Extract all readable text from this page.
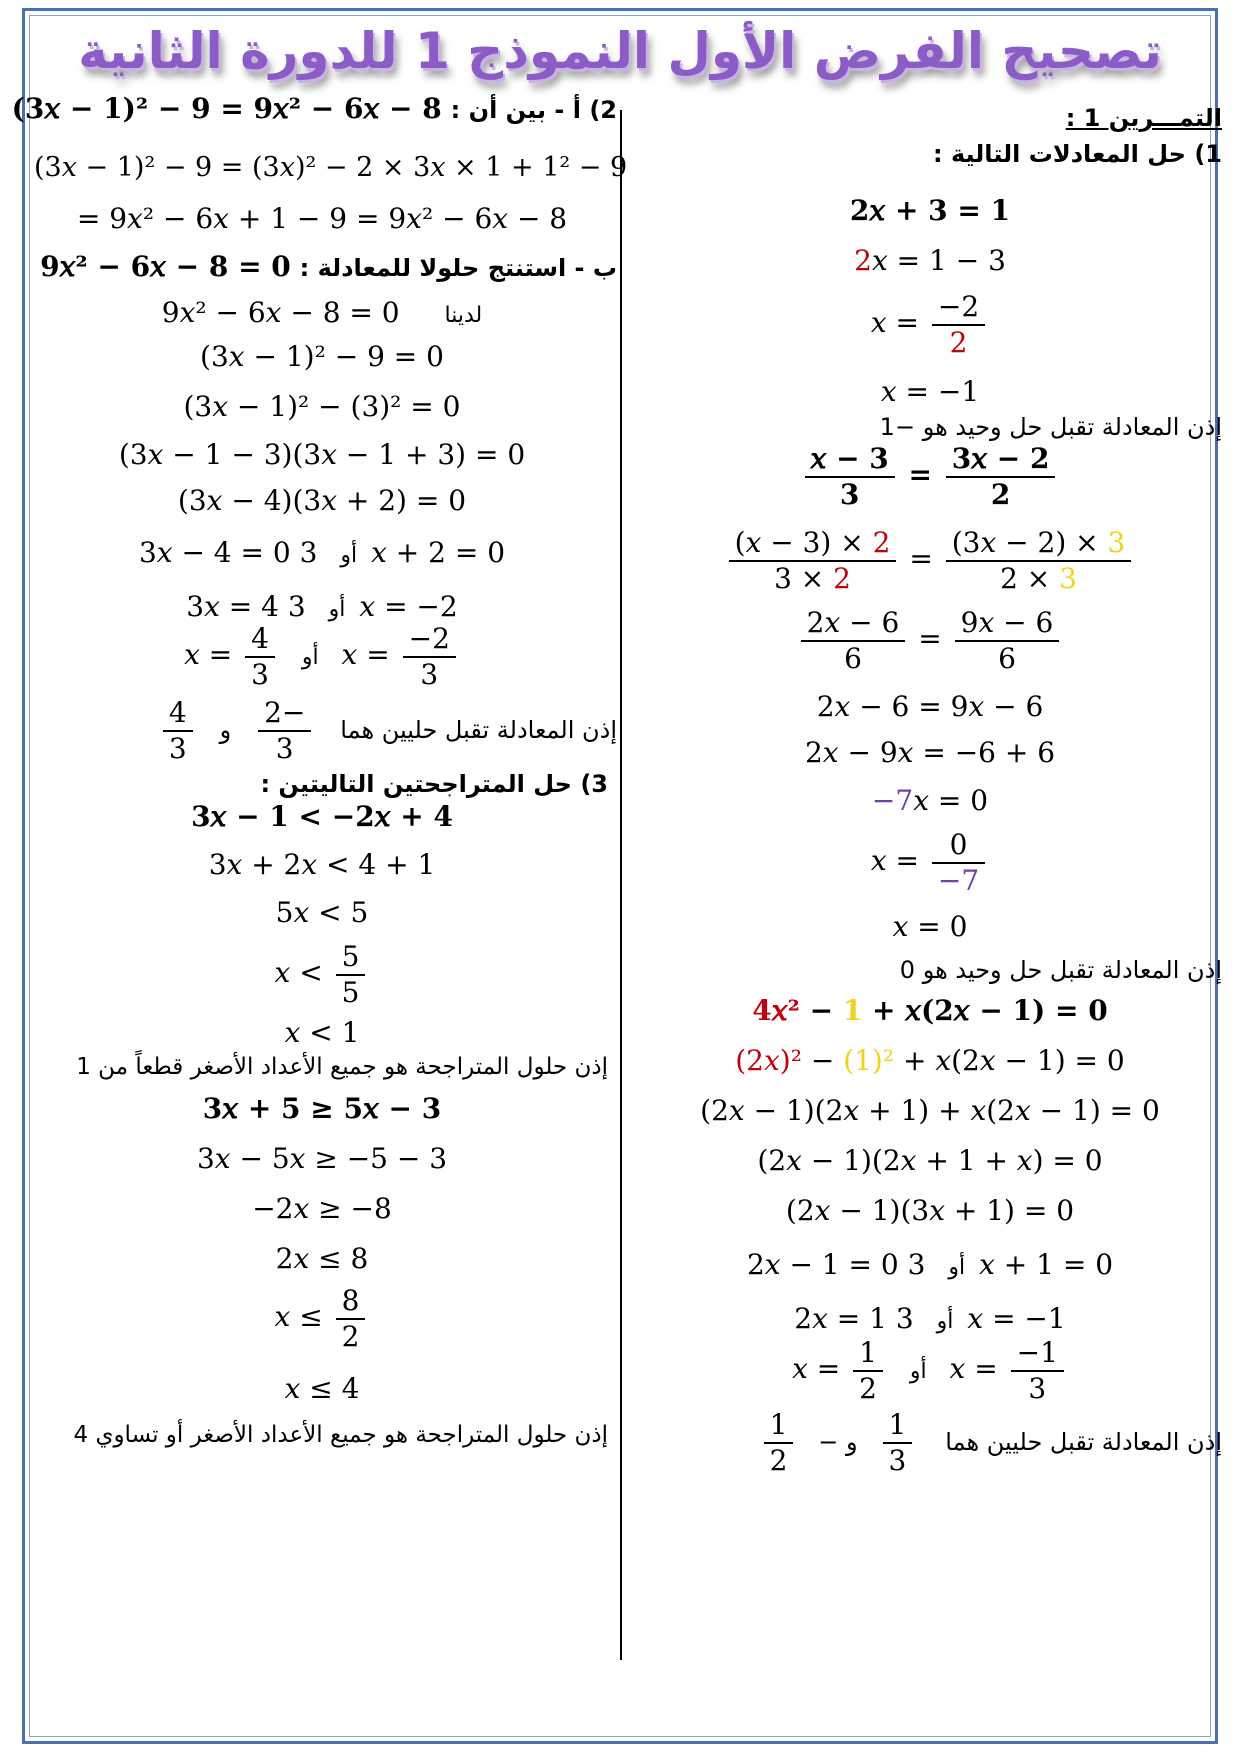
تصحيح الفرض الأول النموذج 1 للدورة الثانية
التمـــرين 1 :
1) حل المعادلات التالية :
2𝑥 + 3 = 1
2𝑥 = 1 − 3
𝑥 = $\frac{-2}{2}$
𝑥 = −1
إذن المعادلة تقبل حل وحيد هو −1
$\frac{\text{𝑥 − 3}}{3} = \frac{\text{3𝑥 − 2}}{2}$
$\frac{\text{(𝑥 − 3) × 2}}{3 \times 2} = \frac{\text{(3𝑥 − 2) × 3}}{2 \times 3}$
$\frac{\text{2𝑥 − 6}}{6} = \frac{\text{9𝑥 − 6}}{6}$
2𝑥 − 6 = 9𝑥 − 6
2𝑥 − 9𝑥 = −6 + 6
−7𝑥 = 0
𝑥 = $\frac{0}{-7}$
𝑥 = 0
إذن المعادلة تقبل حل وحيد هو 0
4𝑥² − 1 + 𝑥(2𝑥 − 1) = 0
(2𝑥)² − (1)² + 𝑥(2𝑥 − 1) = 0
(2𝑥 − 1)(2𝑥 + 1) + 𝑥(2𝑥 − 1) = 0
(2𝑥 − 1)(2𝑥 + 1 + 𝑥) = 0
(2𝑥 − 1)(3𝑥 + 1) = 0
2𝑥 − 1 = 0 أو 3𝑥 + 1 = 0
2𝑥 = 1 أو 3𝑥 = −1
𝑥 = $\frac{1}{2}$ أو 𝑥 = $\frac{-1}{3}$
إذن المعادلة تقبل حليين هما
$\frac{1}{3}$
و −
$\frac{1}{2}$
2) أ - بين أن : (3𝑥 − 1)² − 9 = 9𝑥² − 6𝑥 − 8
(3𝑥 − 1)² − 9 = (3𝑥)² − 2 × 3𝑥 × 1 + 1² − 9
= 9𝑥² − 6𝑥 + 1 − 9 = 9𝑥² − 6𝑥 − 8
ب - استنتج حلولا للمعادلة : 9𝑥² − 6𝑥 − 8 = 0
9𝑥² − 6𝑥 − 8 = 0 لدينا
(3𝑥 − 1)² − 9 = 0
(3𝑥 − 1)² − (3)² = 0
(3𝑥 − 1 − 3)(3𝑥 − 1 + 3) = 0
(3𝑥 − 4)(3𝑥 + 2) = 0
3𝑥 − 4 = 0 أو 3𝑥 + 2 = 0
3𝑥 = 4 أو 3𝑥 = −2
𝑥 = $\frac{4}{3}$ أو 𝑥 = $\frac{-2}{3}$
إذن المعادلة تقبل حليين هما
$\frac{-2}{3}$
و
$\frac{4}{3}$
3) حل المتراجحتين التاليتين :
3𝑥 − 1 < −2𝑥 + 4
3𝑥 + 2𝑥 < 4 + 1
5𝑥 < 5
𝑥 < $\frac{5}{5}$
𝑥 < 1
إذن حلول المتراجحة هو جميع الأعداد الأصغر قطعاً من 1
3𝑥 + 5 ≥ 5𝑥 − 3
3𝑥 − 5𝑥 ≥ −5 − 3
−2𝑥 ≥ −8
2𝑥 ≤ 8
𝑥 ≤ $\frac{8}{2}$
𝑥 ≤ 4
إذن حلول المتراجحة هو جميع الأعداد الأصغر أو تساوي 4
